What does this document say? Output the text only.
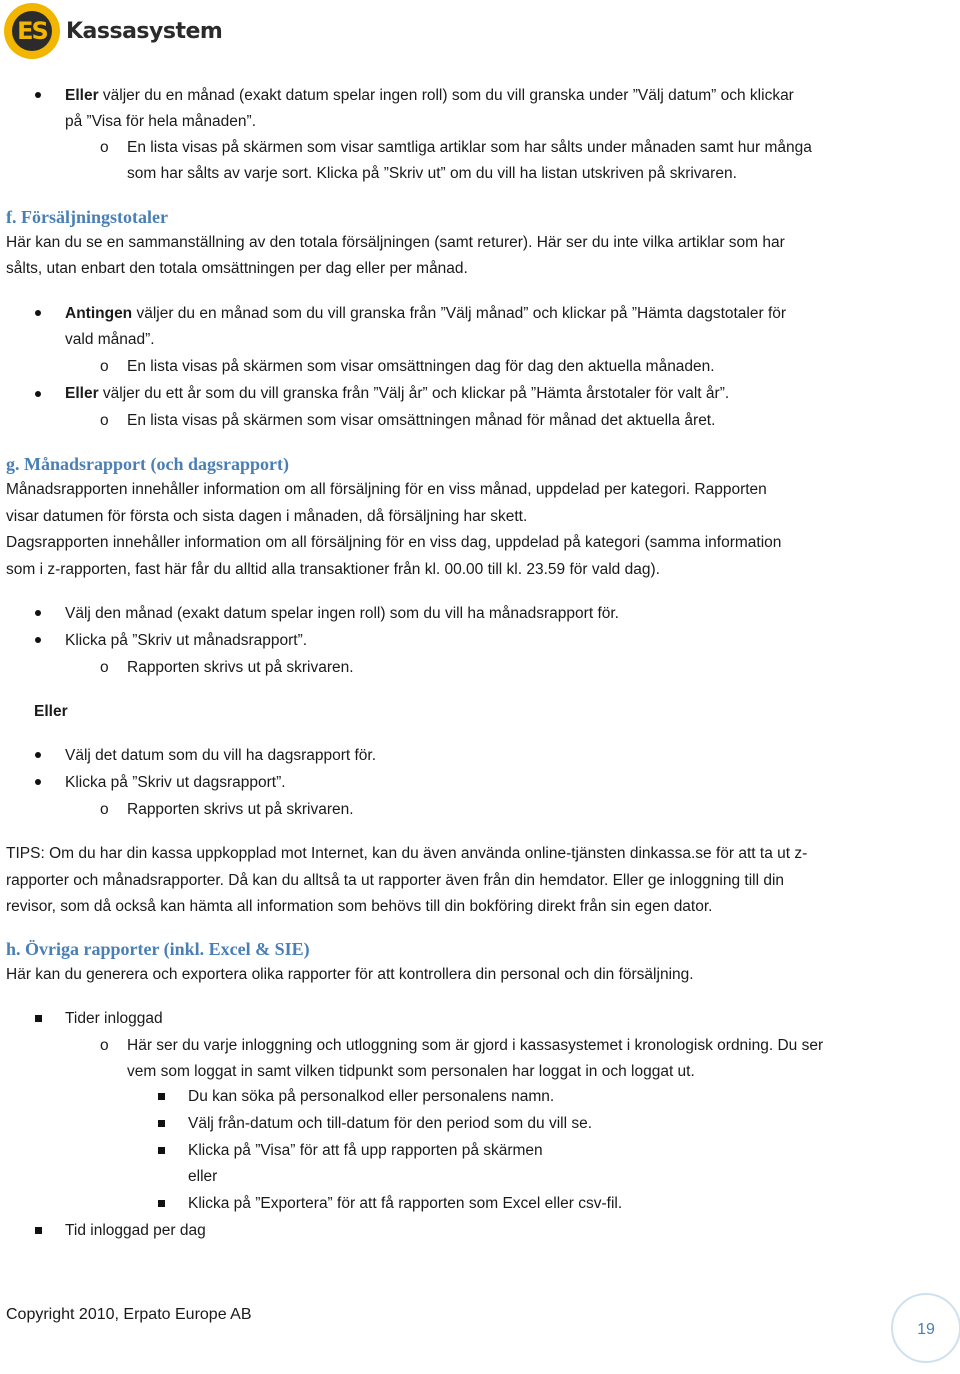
ES Kassasystem
Eller väljer du en månad (exakt datum spelar ingen roll) som du vill granska under ”Välj datum” och klickar
på ”Visa för hela månaden”.
o En lista visas på skärmen som visar samtliga artiklar som har sålts under månaden samt hur många
som har sålts av varje sort. Klicka på ”Skriv ut” om du vill ha listan utskriven på skrivaren.
f. Försäljningstotaler
Här kan du se en sammanställning av den totala försäljningen (samt returer). Här ser du inte vilka artiklar som har
sålts, utan enbart den totala omsättningen per dag eller per månad.
Antingen väljer du en månad som du vill granska från ”Välj månad” och klickar på ”Hämta dagstotaler för
vald månad”.
o En lista visas på skärmen som visar omsättningen dag för dag den aktuella månaden.
Eller väljer du ett år som du vill granska från ”Välj år” och klickar på ”Hämta årstotaler för valt år”.
o En lista visas på skärmen som visar omsättningen månad för månad det aktuella året.
g. Månadsrapport (och dagsrapport)
Månadsrapporten innehåller information om all försäljning för en viss månad, uppdelad per kategori. Rapporten
visar datumen för första och sista dagen i månaden, då försäljning har skett.
Dagsrapporten innehåller information om all försäljning för en viss dag, uppdelad på kategori (samma information
som i z-rapporten, fast här får du alltid alla transaktioner från kl. 00.00 till kl. 23.59 för vald dag).
Välj den månad (exakt datum spelar ingen roll) som du vill ha månadsrapport för.
Klicka på ”Skriv ut månadsrapport”.
o Rapporten skrivs ut på skrivaren.
Eller
Välj det datum som du vill ha dagsrapport för.
Klicka på ”Skriv ut dagsrapport”.
o Rapporten skrivs ut på skrivaren.
TIPS: Om du har din kassa uppkopplad mot Internet, kan du även använda online-tjänsten dinkassa.se för att ta ut z-
rapporter och månadsrapporter. Då kan du alltså ta ut rapporter även från din hemdator. Eller ge inloggning till din
revisor, som då också kan hämta all information som behövs till din bokföring direkt från sin egen dator.
h. Övriga rapporter (inkl. Excel & SIE)
Här kan du generera och exportera olika rapporter för att kontrollera din personal och din försäljning.
Tider inloggad
o Här ser du varje inloggning och utloggning som är gjord i kassasystemet i kronologisk ordning. Du ser
vem som loggat in samt vilken tidpunkt som personalen har loggat in och loggat ut.
Du kan söka på personalkod eller personalens namn.
Välj från-datum och till-datum för den period som du vill se.
Klicka på ”Visa” för att få upp rapporten på skärmen
eller
Klicka på ”Exportera” för att få rapporten som Excel eller csv-fil.
Tid inloggad per dag
Copyright 2010, Erpato Europe AB
19
